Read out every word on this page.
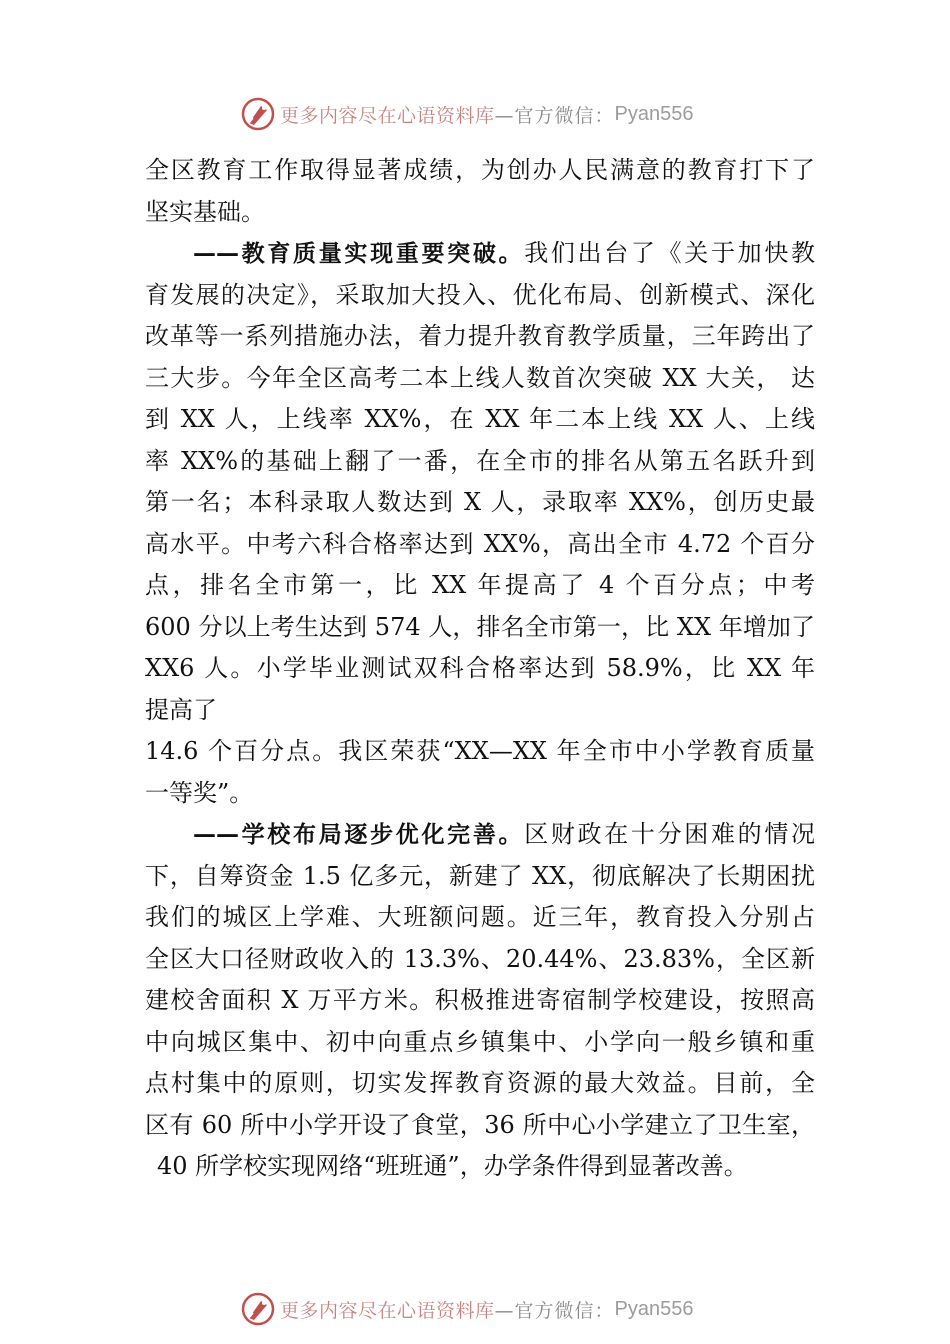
更多内容尽在心语资料库 —官方微信： Pyan556
全区教育工作取得显著成绩，为创办人民满意的教育打下了
坚实基础。
——教育质量实现重要突破。我们出台了《关于加快教
育发展的决定》，采取加大投入、优化布局、创新模式、深化
改革等一系列措施办法，着力提升教育教学质量，三年跨出了
三大步。今年全区高考二本上线人数首次突破 XX 大关， 达
到 XX 人，上线率 XX%，在 XX 年二本上线 XX 人、上线
率 XX%的基础上翻了一番，在全市的排名从第五名跃升到
第一名；本科录取人数达到 X 人，录取率 XX%，创历史最
高水平。中考六科合格率达到 XX%，高出全市 4.72 个百分
点，排名全市第一，比 XX 年提高了 4 个百分点；中考
600 分以上考生达到 574 人，排名全市第一，比 XX 年增加了
XX6 人。小学毕业测试双科合格率达到 58.9%，比 XX 年
提高了
14.6 个百分点。我区荣获“XX—XX 年全市中小学教育质量
一等奖”。
——学校布局逐步优化完善。区财政在十分困难的情况
下，自筹资金 1.5 亿多元，新建了 XX，彻底解决了长期困扰
我们的城区上学难、大班额问题。近三年，教育投入分别占
全区大口径财政收入的 13.3%、20.44%、23.83%，全区新
建校舍面积 X 万平方米。积极推进寄宿制学校建设，按照高
中向城区集中、初中向重点乡镇集中、小学向一般乡镇和重
点村集中的原则，切实发挥教育资源的最大效益。目前，全
区有 60 所中小学开设了食堂，36 所中心小学建立了卫生室，
40 所学校实现网络“班班通”，办学条件得到显著改善。
更多内容尽在心语资料库 —官方微信： Pyan556
